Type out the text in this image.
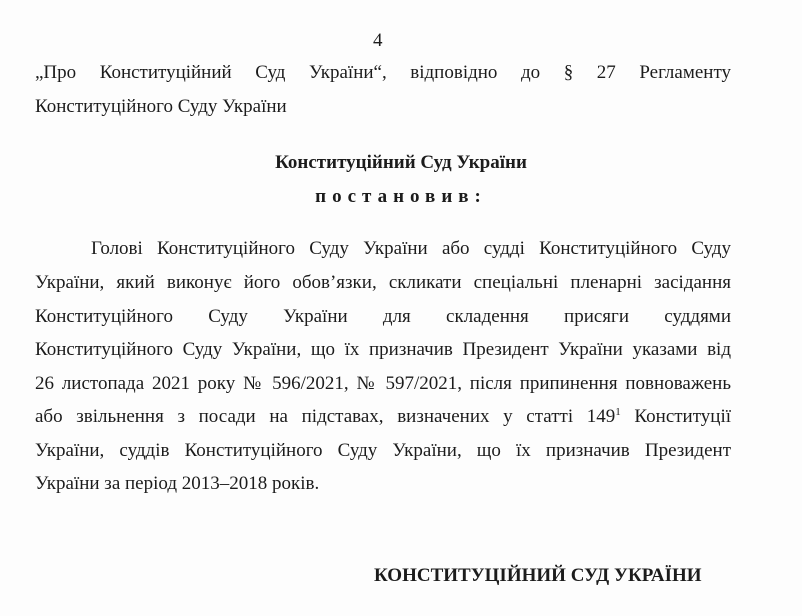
4
„Про Конституційний Суд України“, відповідно до § 27 Регламенту
Конституційного Суду України
Конституційний Суд України
постановив:
Голові Конституційного Суду України або судді Конституційного Суду
України, який виконує його обов’язки, скликати спеціальні пленарні засідання
Конституційного Суду України для складення присяги суддями
Конституційного Суду України, що їх призначив Президент України указами від
26 листопада 2021 року № 596/2021, № 597/2021, після припинення повноважень
або звільнення з посади на підставах, визначених у статті $149^1$ Конституції
України, суддів Конституційного Суду України, що їх призначив Президент
України за період 2013–2018 років.
КОНСТИТУЦІЙНИЙ СУД УКРАЇНИ
